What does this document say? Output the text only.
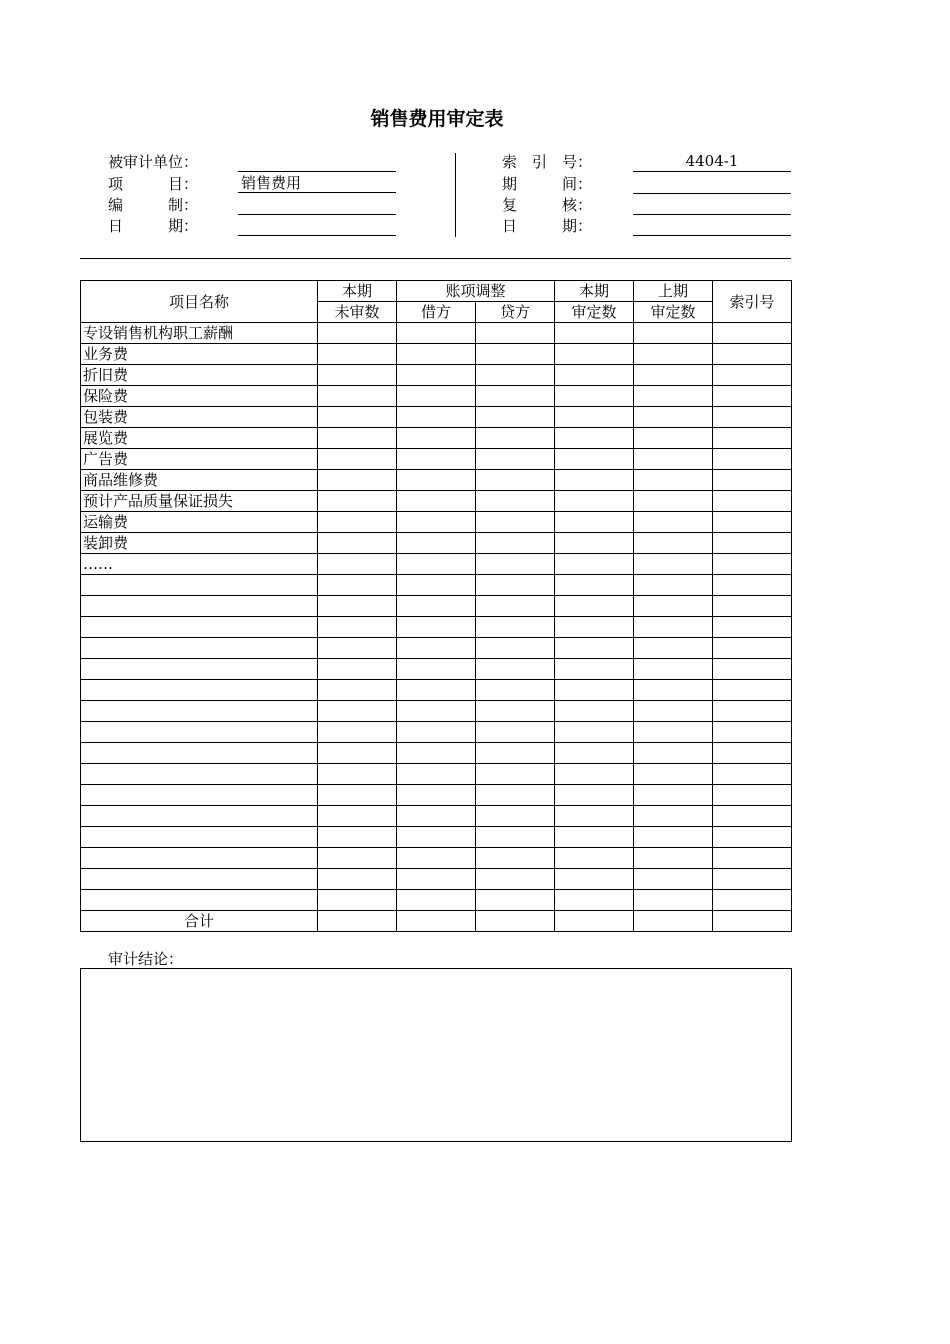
销售费用审定表
被审计单位：
项　　　目：	销售费用
编　　　制：
日　　　期：
索　引　号：	4404-1
期　　　间：
复　　　核：
日　　　期：
项目名称	本期	账项调整		本期	上期	索引号
	未审数	借方	贷方	审定数	审定数	
专设销售机构职工薪酬						
业务费						
折旧费						
保险费						
包装费						
展览费						
广告费						
商品维修费						
预计产品质量保证损失						
运输费						
装卸费						
……						

合计						
审计结论：
